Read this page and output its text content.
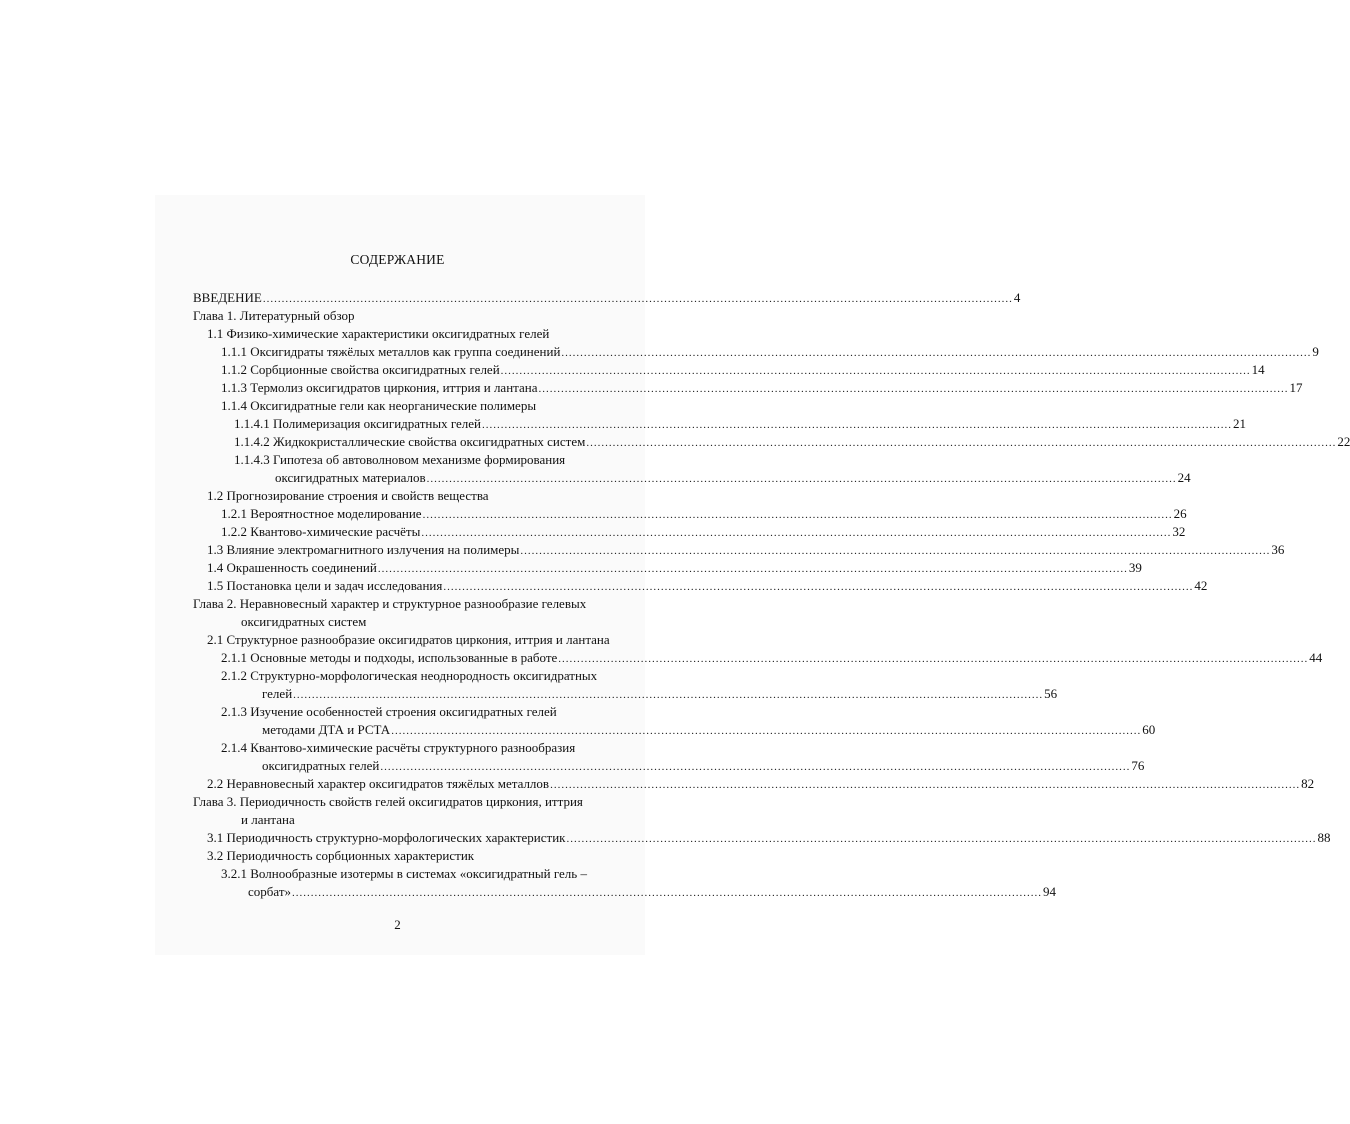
СОДЕРЖАНИЕ
ВВЕДЕНИЕ ........................................................................................................................................................................................................ 4
Глава 1. Литературный обзор
1.1 Физико-химические характеристики оксигидратных гелей
1.1.1 Оксигидраты тяжёлых металлов как группа соединений ........................................................................................................................................................................................................ 9
1.1.2 Сорбционные свойства оксигидратных гелей ........................................................................................................................................................................................................ 14
1.1.3 Термолиз оксигидратов циркония, иттрия и лантана ........................................................................................................................................................................................................ 17
1.1.4 Оксигидратные гели как неорганические полимеры
1.1.4.1 Полимеризация оксигидратных гелей ........................................................................................................................................................................................................ 21
1.1.4.2 Жидкокристаллические свойства оксигидратных систем ........................................................................................................................................................................................................ 22
1.1.4.3 Гипотеза об автоволновом механизме формирования
оксигидратных материалов ........................................................................................................................................................................................................ 24
1.2 Прогнозирование строения и свойств вещества
1.2.1 Вероятностное моделирование ........................................................................................................................................................................................................ 26
1.2.2 Квантово-химические расчёты ........................................................................................................................................................................................................ 32
1.3 Влияние электромагнитного излучения на полимеры ........................................................................................................................................................................................................ 36
1.4 Окрашенность соединений ........................................................................................................................................................................................................ 39
1.5 Постановка цели и задач исследования ........................................................................................................................................................................................................ 42
Глава 2. Неравновесный характер и структурное разнообразие гелевых
оксигидратных систем
2.1 Структурное разнообразие оксигидратов циркония, иттрия и лантана
2.1.1 Основные методы и подходы, использованные в работе ........................................................................................................................................................................................................ 44
2.1.2 Структурно-морфологическая неоднородность оксигидратных
гелей ........................................................................................................................................................................................................ 56
2.1.3 Изучение особенностей строения оксигидратных гелей
методами ДТА и РСТА ........................................................................................................................................................................................................ 60
2.1.4 Квантово-химические расчёты структурного разнообразия
оксигидратных гелей ........................................................................................................................................................................................................ 76
2.2 Неравновесный характер оксигидратов тяжёлых металлов ........................................................................................................................................................................................................ 82
Глава 3. Периодичность свойств гелей оксигидратов циркония, иттрия
и лантана
3.1 Периодичность структурно-морфологических характеристик ........................................................................................................................................................................................................ 88
3.2 Периодичность сорбционных характеристик
3.2.1 Волнообразные изотермы в системах «оксигидратный гель –
сорбат» ........................................................................................................................................................................................................ 94
2
